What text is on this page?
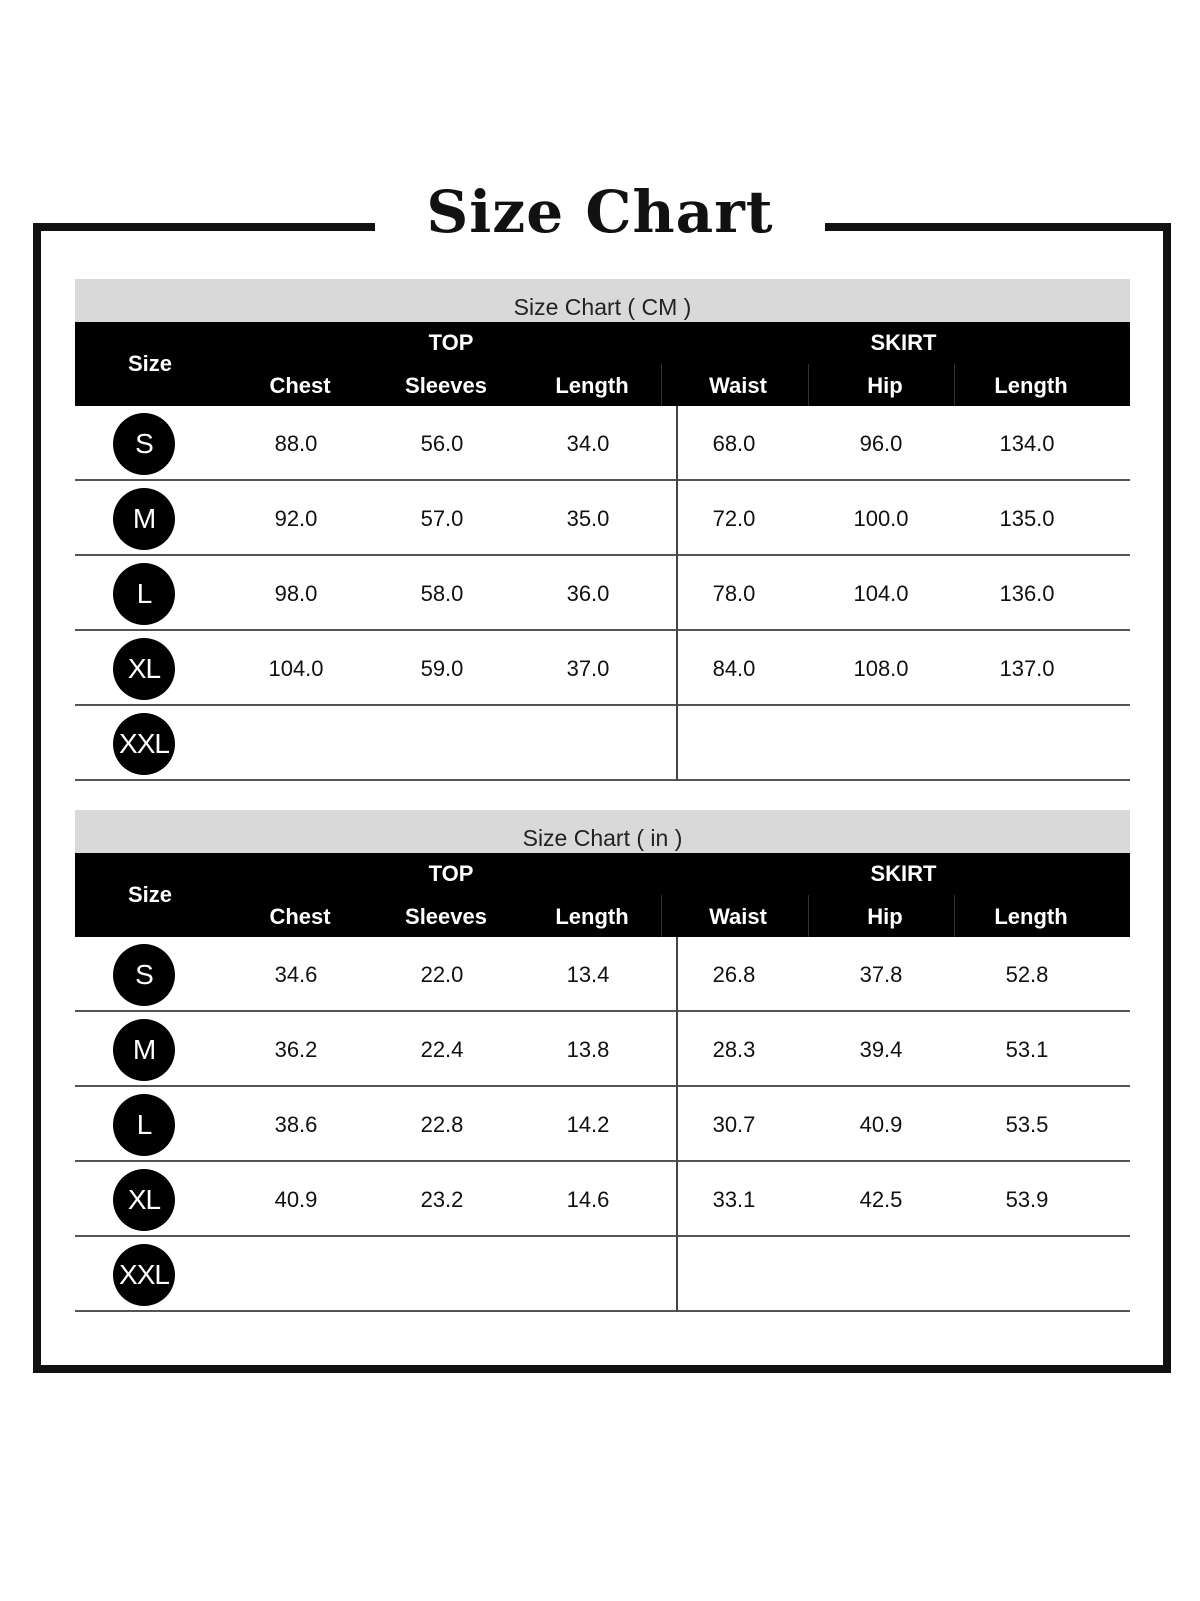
Size Chart
Size Chart ( CM )
Size
TOP	SKIRT
Chest	Sleeves	Length	Waist	Hip	Length
S	88.0	56.0	34.0	68.0	96.0	134.0
M	92.0	57.0	35.0	72.0	100.0	135.0
L	98.0	58.0	36.0	78.0	104.0	136.0
XL	104.0	59.0	37.0	84.0	108.0	137.0
XXL
Size Chart ( in )
Size
TOP	SKIRT
Chest	Sleeves	Length	Waist	Hip	Length
S	34.6	22.0	13.4	26.8	37.8	52.8
M	36.2	22.4	13.8	28.3	39.4	53.1
L	38.6	22.8	14.2	30.7	40.9	53.5
XL	40.9	23.2	14.6	33.1	42.5	53.9
XXL
